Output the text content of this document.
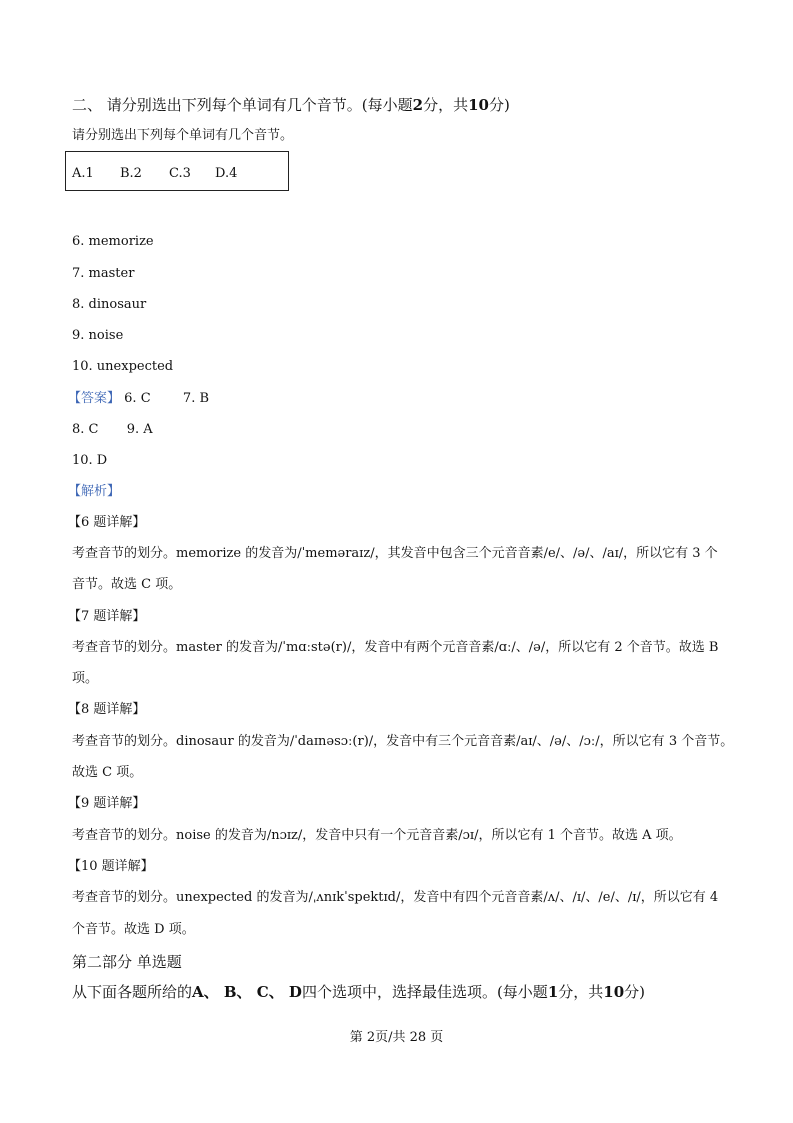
二、 请分别选出下列每个单词有几个音节。(每小题2分，共10分)
请分别选出下列每个单词有几个音节。
A.1 B.2 C.3 D.4
6. memorize
7. master
8. dinosaur
9. noise
10. unexpected
【答案】 6. C 7. B
8. C 9. A
10. D
【解析】
【6 题详解】
考查音节的划分。memorize 的发音为/ˈmeməraɪz/，其发音中包含三个元音音素/e/、/ə/、/aɪ/，所以它有 3 个
音节。故选 C 项。
【7 题详解】
考查音节的划分。master 的发音为/ˈmɑːstə(r)/，发音中有两个元音音素/ɑː/、/ə/，所以它有 2 个音节。故选 B
项。
【8 题详解】
考查音节的划分。dinosaur 的发音为/ˈdaɪnəsɔː(r)/，发音中有三个元音音素/aɪ/、/ə/、/ɔː/，所以它有 3 个音节。
故选 C 项。
【9 题详解】
考查音节的划分。noise 的发音为/nɔɪz/，发音中只有一个元音音素/ɔɪ/，所以它有 1 个音节。故选 A 项。
【10 题详解】
考查音节的划分。unexpected 的发音为/ˌʌnɪkˈspektɪd/，发音中有四个元音音素/ʌ/、/ɪ/、/e/、/ɪ/，所以它有 4
个音节。故选 D 项。
第二部分 单选题
从下面各题所给的A、 B、 C、 D四个选项中，选择最佳选项。(每小题1分，共10分)
第 2页/共 28 页
